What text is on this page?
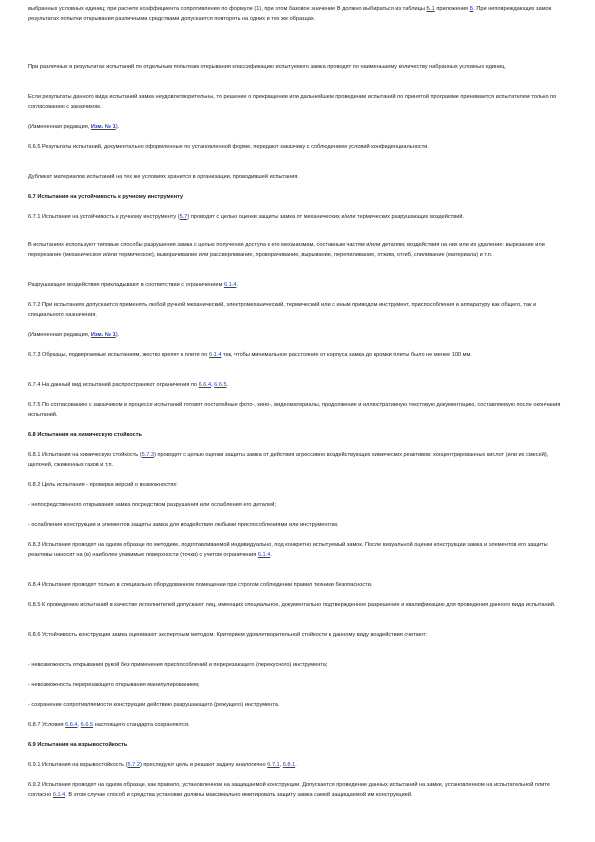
выбранных условных единиц; при расчете коэффициента сопротивления по формуле (1), при этом базовое значение B должно выбираться из таблицы Б.1 приложения Б. При неповреждающих замок результатах попытки открывания различными средствами допускается повторять на одних и тех же образцах.

При различных в результатах испытаний по отдельным попыткам открывания классификацию испытуемого замка проводят по наименьшему количеству набранных условных единиц.

Если результаты данного вида испытаний замка неудовлетворительны, то решение о прекращении или дальнейшем проведении испытаний по принятой программе принимается испытателем только по согласованию с заказчиком.

(Измененная редакция, Изм. № 1).

6.6.5 Результаты испытаний, документально оформленные по установленной форме, передают заказчику с соблюдением условий конфиденциальности.

Дубликат материалов испытаний на тех же условиях хранится в организации, проводившей испытания.

6.7 Испытания на устойчивость к ручному инструменту

6.7.1 Испытания на устойчивость к ручному инструменту (5.7) проводят с целью оценки защиты замка от механических и/или термических разрушающих воздействий.

В испытаниях используют типовые способы разрушения замка с целью получения доступа к его механизмам, составным частям и/или деталям; воздействия на них или их удаление: вырезание или перерезание (механическое и/или термическое), выворачивание или рассверливание, проворачивание, вырывание, перепиливание, отжим, отгиб, спиливание (материала) и т.п.

Разрушающее воздействие прикладывают в соответствии с ограничением 6.1.4.

6.7.2 При испытаниях допускается применять любой ручной механический, электромеханический, термический или с иным приводом инструмент, приспособления и аппаратуру как общего, так и специального назначения.

(Измененная редакция, Изм. № 1).

6.7.3 Образцы, подвергаемые испытаниям, жестко крепят к плите по 6.1.4 так, чтобы минимальное расстояние от корпуса замка до кромки плиты было не менее 100 мм.

6.7.4 На данный вид испытаний распространяют ограничения по 6.6.4, 6.6.5.

6.7.5 По согласованию с заказчиком в процессе испытаний готовят постатейные фото-, кино-, видеоматериалы, продолжение и иллюстративную текстовую документацию, составляемую после окончания испытаний.

6.8 Испытания на химическую стойкость

6.8.1 Испытания на химическую стойкость (5.7.3) проводят с целью оценки защиты замка от действия агрессивно воздействующих химических реактивов: концентрированных кислот (или их смесей), щелочей, сжиженных газов и т.п.

6.8.2 Цель испытания - проверка версий о возможностях:

- непосредственного открывания замка посредством разрушения или ослабления его деталей;

- ослабления конструкции и элементов защиты замка для воздействия любыми приспособлениями или инструментом.

6.8.3 Испытания проводят на одном образце по методике, подготавливаемой индивидуально, под конкретно испытуемый замок. После визуальной оценки конструкции замка и элементов его защиты реактивы наносят на (в) наиболее уязвимые поверхности (точки) с учетом ограничения 6.1.4.

6.8.4 Испытания проводят только в специально оборудованном помещении при строгом соблюдении правил техники безопасности.

6.8.5 К проведению испытаний в качестве исполнителей допускают лиц, имеющих специальное, документально подтвержденное разрешение и квалификацию для проведения данного вида испытаний.

6.8.6 Устойчивость конструкции замка оценивают экспертным методом. Критерием удовлетворительной стойкости к данному виду воздействия считают:

- невозможность открывания рукой без применения приспособлений и перерезающего (перекусного) инструмента;

- невозможность перерезающего открывания манипулированием;

- сохранение сопротивляемости конструкции действию разрушающего (режущего) инструмента.

6.8.7 Условия 6.6.4, 6.6.5 настоящего стандарта сохраняются.

6.9 Испытания на взрывостойкость

6.9.1 Испытания на взрывостойкость (5.7.2) преследуют цель и решают задачу аналогично 6.7.1, 6.8.1.

6.9.2 Испытания проводят на одном образце, как правило, установленном на защищаемой конструкции. Допускается проведение данных испытаний на замке, установленном на испытательной плите согласно 6.1.4. В этом случае способ и средства установки должны максимально имитировать защиту замка самой защищаемой им конструкцией.
